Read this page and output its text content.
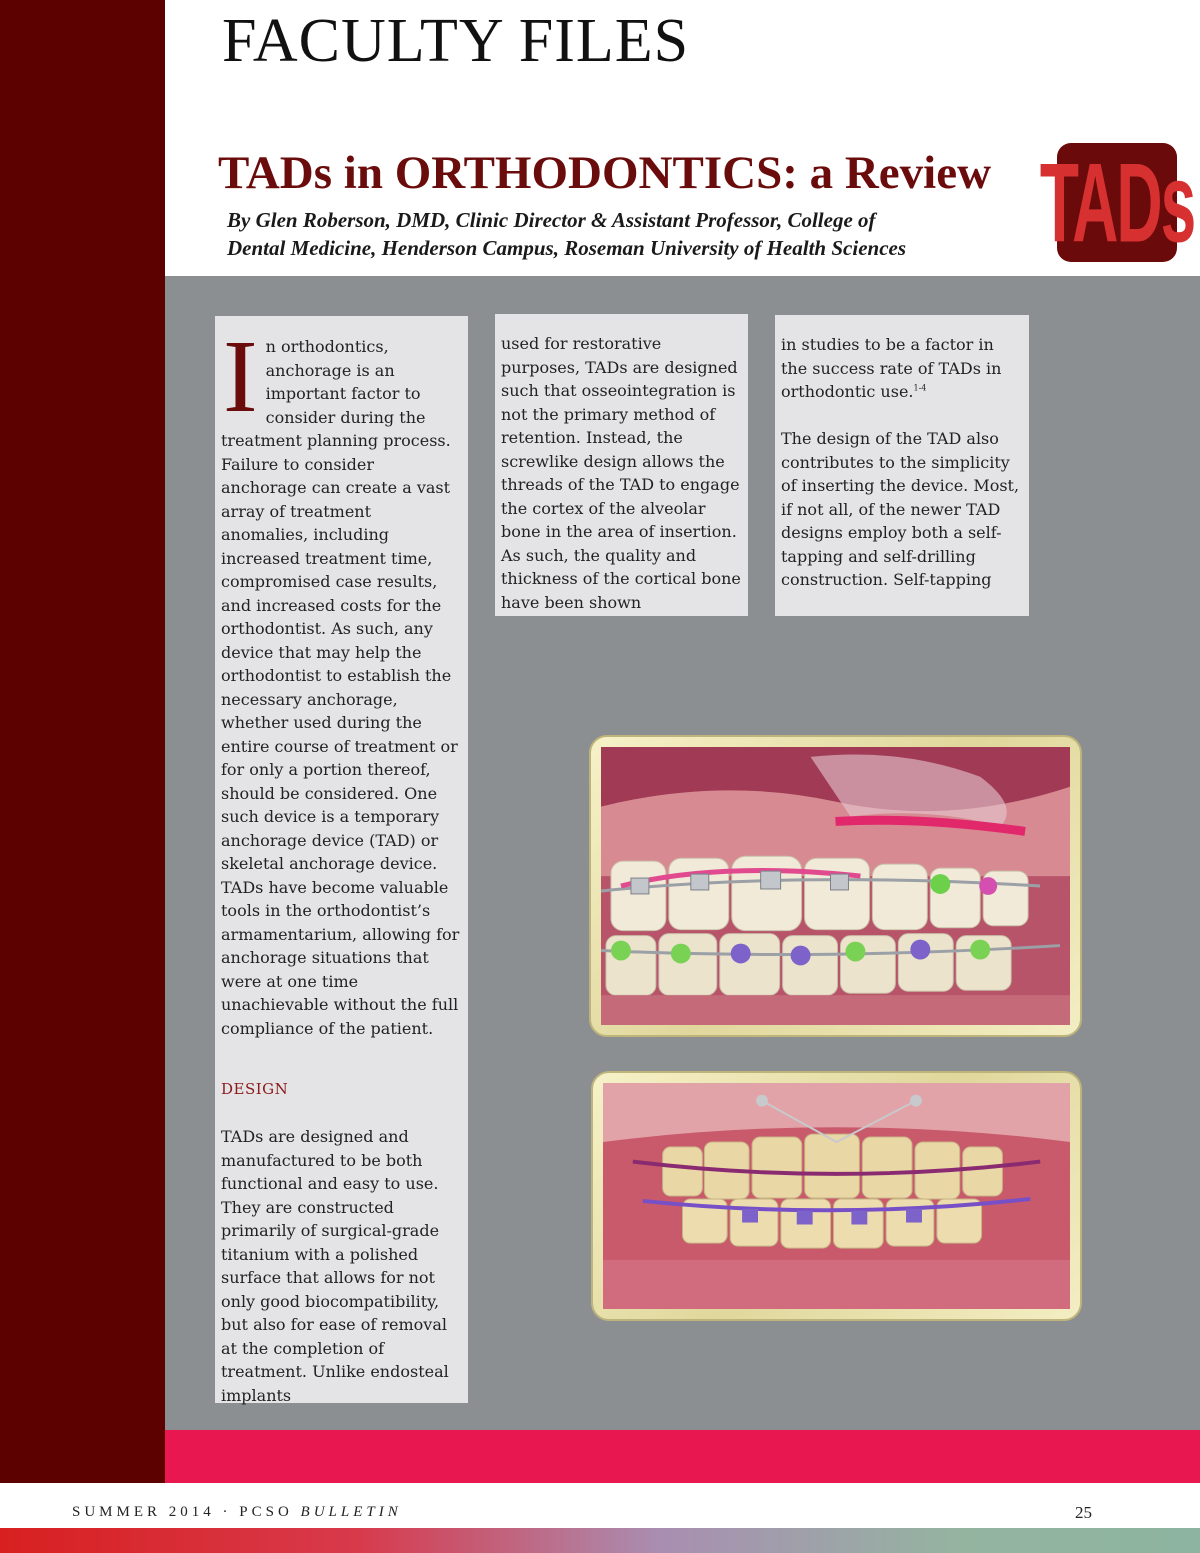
FACULTY FILES
TADs in ORTHODONTICS: a Review
By Glen Roberson, DMD, Clinic Director & Assistant Professor, College of
Dental Medicine, Henderson Campus, Roseman University of Health Sciences	TADs

In orthodontics, anchorage is an important factor to consider during the treatment planning process. Failure to consider anchorage can create a vast array of treatment anomalies, including increased treatment time, compromised case results, and increased costs for the orthodontist. As such, any device that may help the orthodontist to establish the necessary anchorage, whether used during the entire course of treatment or for only a portion thereof, should be considered. One such device is a temporary anchorage device (TAD) or skeletal anchorage device. TADs have become valuable tools in the orthodontist’s armamentarium, allowing for anchorage situations that were at one time unachievable without the full compliance of the patient.

DESIGN

TADs are designed and manufactured to be both functional and easy to use. They are constructed primarily of surgical-grade titanium with a polished surface that allows for not only good biocompatibility, but also for ease of removal at the completion of treatment. Unlike endosteal implants

used for restorative purposes, TADs are designed such that osseointegration is not the primary method of retention. Instead, the screwlike design allows the threads of the TAD to engage the cortex of the alveolar bone in the area of insertion. As such, the quality and thickness of the cortical bone have been shown

in studies to be a factor in the success rate of TADs in orthodontic use.$^{1-4}$

The design of the TAD also contributes to the simplicity of inserting the device. Most, if not all, of the newer TAD designs employ both a self-tapping and self-drilling construction. Self-tapping

SUMMER 2014 · PCSO BULLETIN	25
